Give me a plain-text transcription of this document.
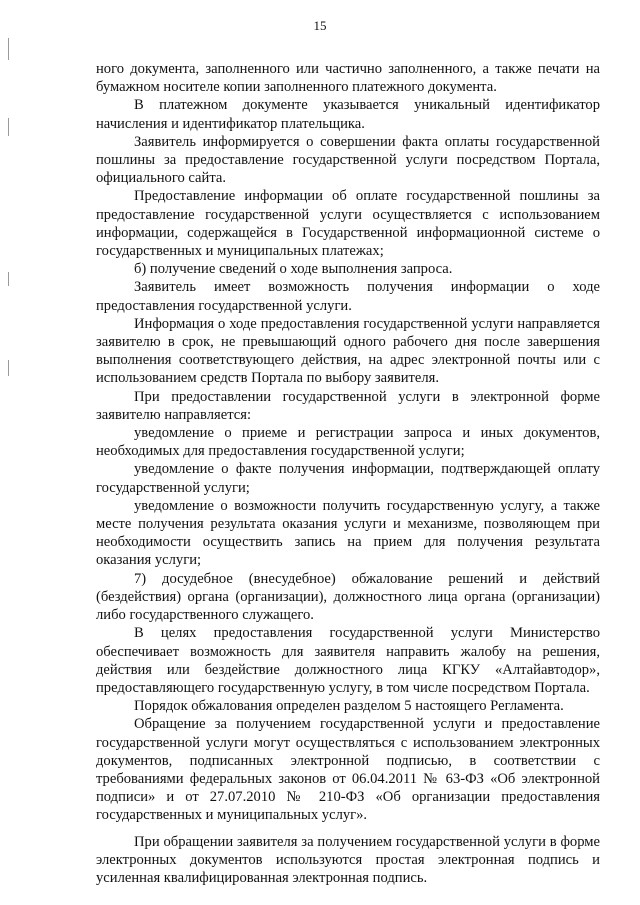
15

ного документа, заполненного или частично заполненного, а также печати на бумажном носителе копии заполненного платежного документа.

В платежном документе указывается уникальный идентификатор начисления и идентификатор плательщика.

Заявитель информируется о совершении факта оплаты государственной пошлины за предоставление государственной услуги посредством Портала, официального сайта.

Предоставление информации об оплате государственной пошлины за предоставление государственной услуги осуществляется с использованием информации, содержащейся в Государственной информационной системе о государственных и муниципальных платежах;

б) получение сведений о ходе выполнения запроса.

Заявитель имеет возможность получения информации о ходе предоставления государственной услуги.

Информация о ходе предоставления государственной услуги направляется заявителю в срок, не превышающий одного рабочего дня после завершения выполнения соответствующего действия, на адрес электронной почты или с использованием средств Портала по выбору заявителя.

При предоставлении государственной услуги в электронной форме заявителю направляется:

уведомление о приеме и регистрации запроса и иных документов, необходимых для предоставления государственной услуги;

уведомление о факте получения информации, подтверждающей оплату государственной услуги;

уведомление о возможности получить государственную услугу, а также месте получения результата оказания услуги и механизме, позволяющем при необходимости осуществить запись на прием для получения результата оказания услуги;

7) досудебное (внесудебное) обжалование решений и действий (бездействия) органа (организации), должностного лица органа (организации) либо государственного служащего.

В целях предоставления государственной услуги Министерство обеспечивает возможность для заявителя направить жалобу на решения, действия или бездействие должностного лица КГКУ «Алтайавтодор», предоставляющего государственную услугу, в том числе посредством Портала.

Порядок обжалования определен разделом 5 настоящего Регламента.

Обращение за получением государственной услуги и предоставление государственной услуги могут осуществляться с использованием электронных документов, подписанных электронной подписью, в соответствии с требованиями федеральных законов от 06.04.2011 № 63-ФЗ «Об электронной подписи» и от 27.07.2010 № 210-ФЗ «Об организации предоставления государственных и муниципальных услуг».

При обращении заявителя за получением государственной услуги в форме электронных документов используются простая электронная подпись и усиленная квалифицированная электронная подпись.
